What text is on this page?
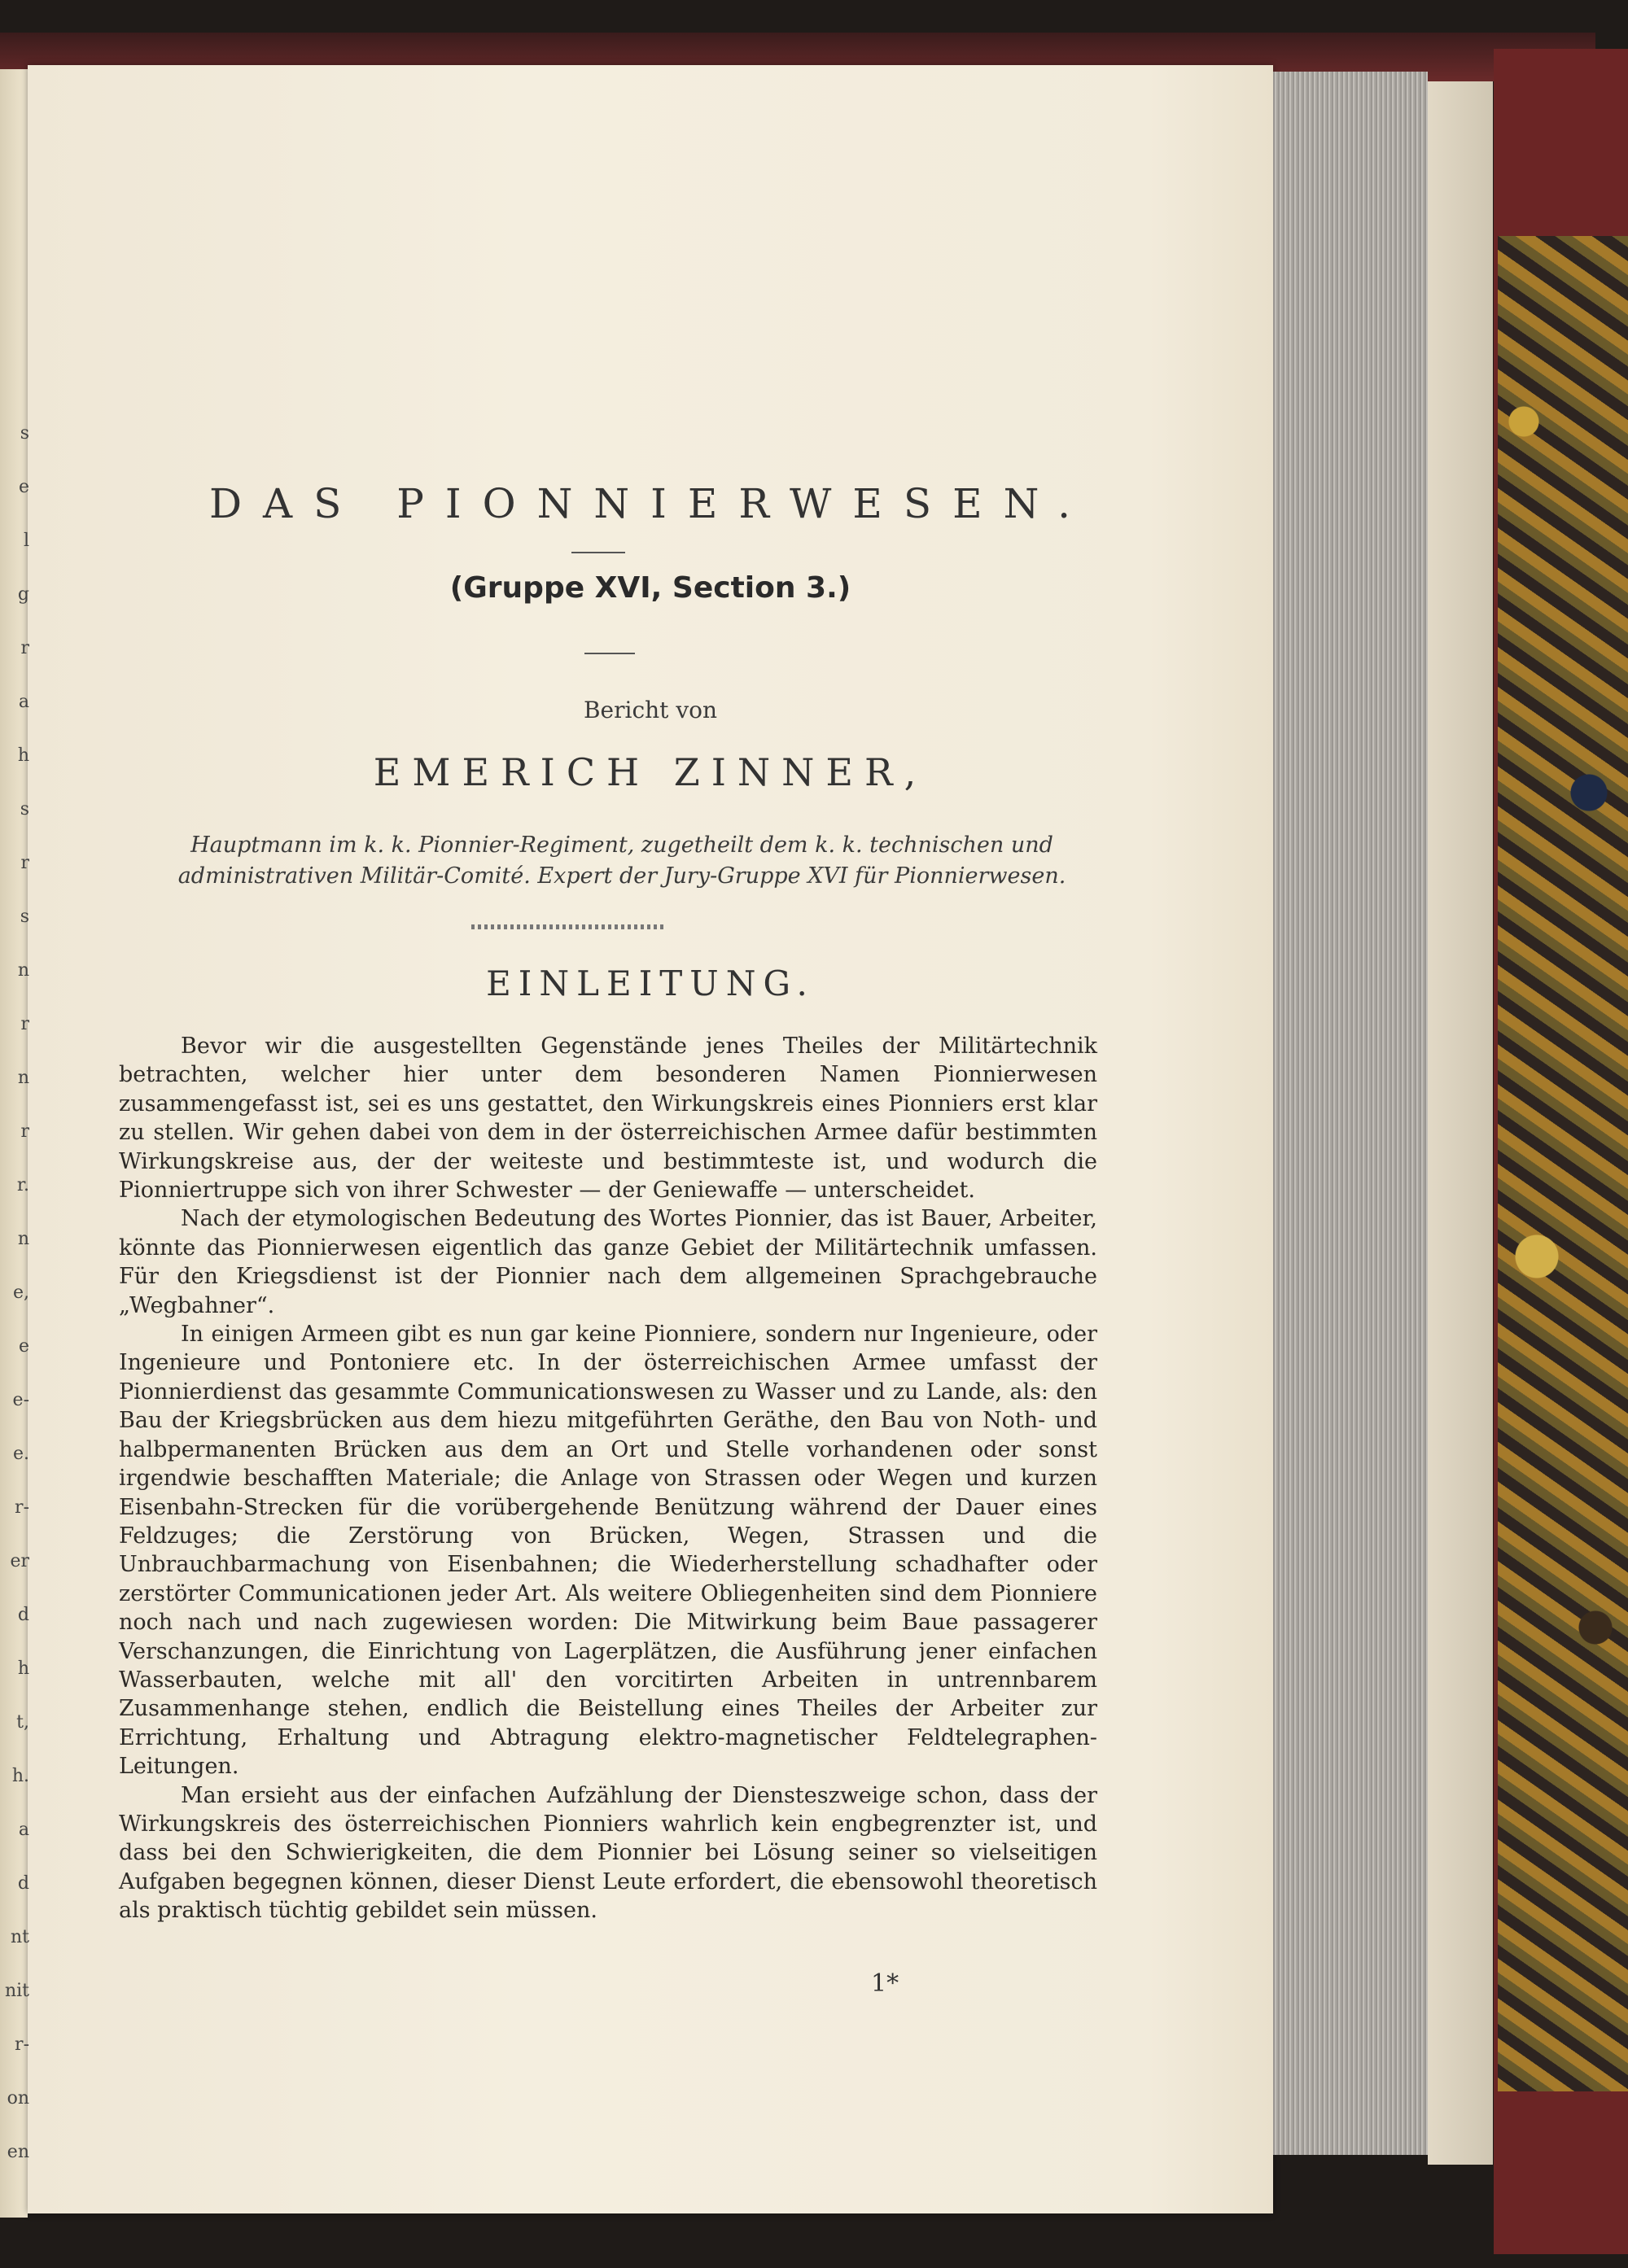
s
e
l
g
r
a
h
s
r
s
n
r
n
r
r.
n
e,
e
e-
e.
r-
er
d
h
t,
h.
a
d
nt
nit
r-
on
en
DAS PIONNIERWESEN.
(Gruppe XVI, Section 3.)
Bericht von
EMERICH ZINNER,
Hauptmann im k. k. Pionnier-Regiment, zugetheilt dem k. k. technischen und administrativen Militär-Comité. Expert der Jury-Gruppe XVI für Pionnierwesen.
EINLEITUNG.

Bevor wir die ausgestellten Gegenstände jenes Theiles der Militärtechnik betrachten, welcher hier unter dem besonderen Namen Pionnierwesen zusammengefasst ist, sei es uns gestattet, den Wirkungskreis eines Pionniers erst klar zu stellen. Wir gehen dabei von dem in der österreichischen Armee dafür bestimmten Wirkungskreise aus, der der weiteste und bestimmteste ist, und wodurch die Pionniertruppe sich von ihrer Schwester — der Geniewaffe — unterscheidet.

Nach der etymologischen Bedeutung des Wortes Pionnier, das ist Bauer, Arbeiter, könnte das Pionnierwesen eigentlich das ganze Gebiet der Militärtechnik umfassen. Für den Kriegsdienst ist der Pionnier nach dem allgemeinen Sprachgebrauche „Wegbahner“.

In einigen Armeen gibt es nun gar keine Pionniere, sondern nur Ingenieure, oder Ingenieure und Pontoniere etc. In der österreichischen Armee umfasst der Pionnierdienst das gesammte Communicationswesen zu Wasser und zu Lande, als: den Bau der Kriegsbrücken aus dem hiezu mitgeführten Geräthe, den Bau von Noth- und halbpermanenten Brücken aus dem an Ort und Stelle vorhandenen oder sonst irgendwie beschafften Materiale; die Anlage von Strassen oder Wegen und kurzen Eisenbahn-Strecken für die vorübergehende Benützung während der Dauer eines Feldzuges; die Zerstörung von Brücken, Wegen, Strassen und die Unbrauchbarmachung von Eisenbahnen; die Wiederherstellung schadhafter oder zerstörter Communicationen jeder Art. Als weitere Obliegenheiten sind dem Pionniere noch nach und nach zugewiesen worden: Die Mitwirkung beim Baue passagerer Verschanzungen, die Einrichtung von Lagerplätzen, die Ausführung jener einfachen Wasserbauten, welche mit all' den vorcitirten Arbeiten in untrennbarem Zusammenhange stehen, endlich die Beistellung eines Theiles der Arbeiter zur Errichtung, Erhaltung und Abtragung elektro-magnetischer Feldtelegraphen-Leitungen.

Man ersieht aus der einfachen Aufzählung der Diensteszweige schon, dass der Wirkungskreis des österreichischen Pionniers wahrlich kein engbegrenzter ist, und dass bei den Schwierigkeiten, die dem Pionnier bei Lösung seiner so vielseitigen Aufgaben begegnen können, dieser Dienst Leute erfordert, die ebensowohl theoretisch als praktisch tüchtig gebildet sein müssen.

1*
